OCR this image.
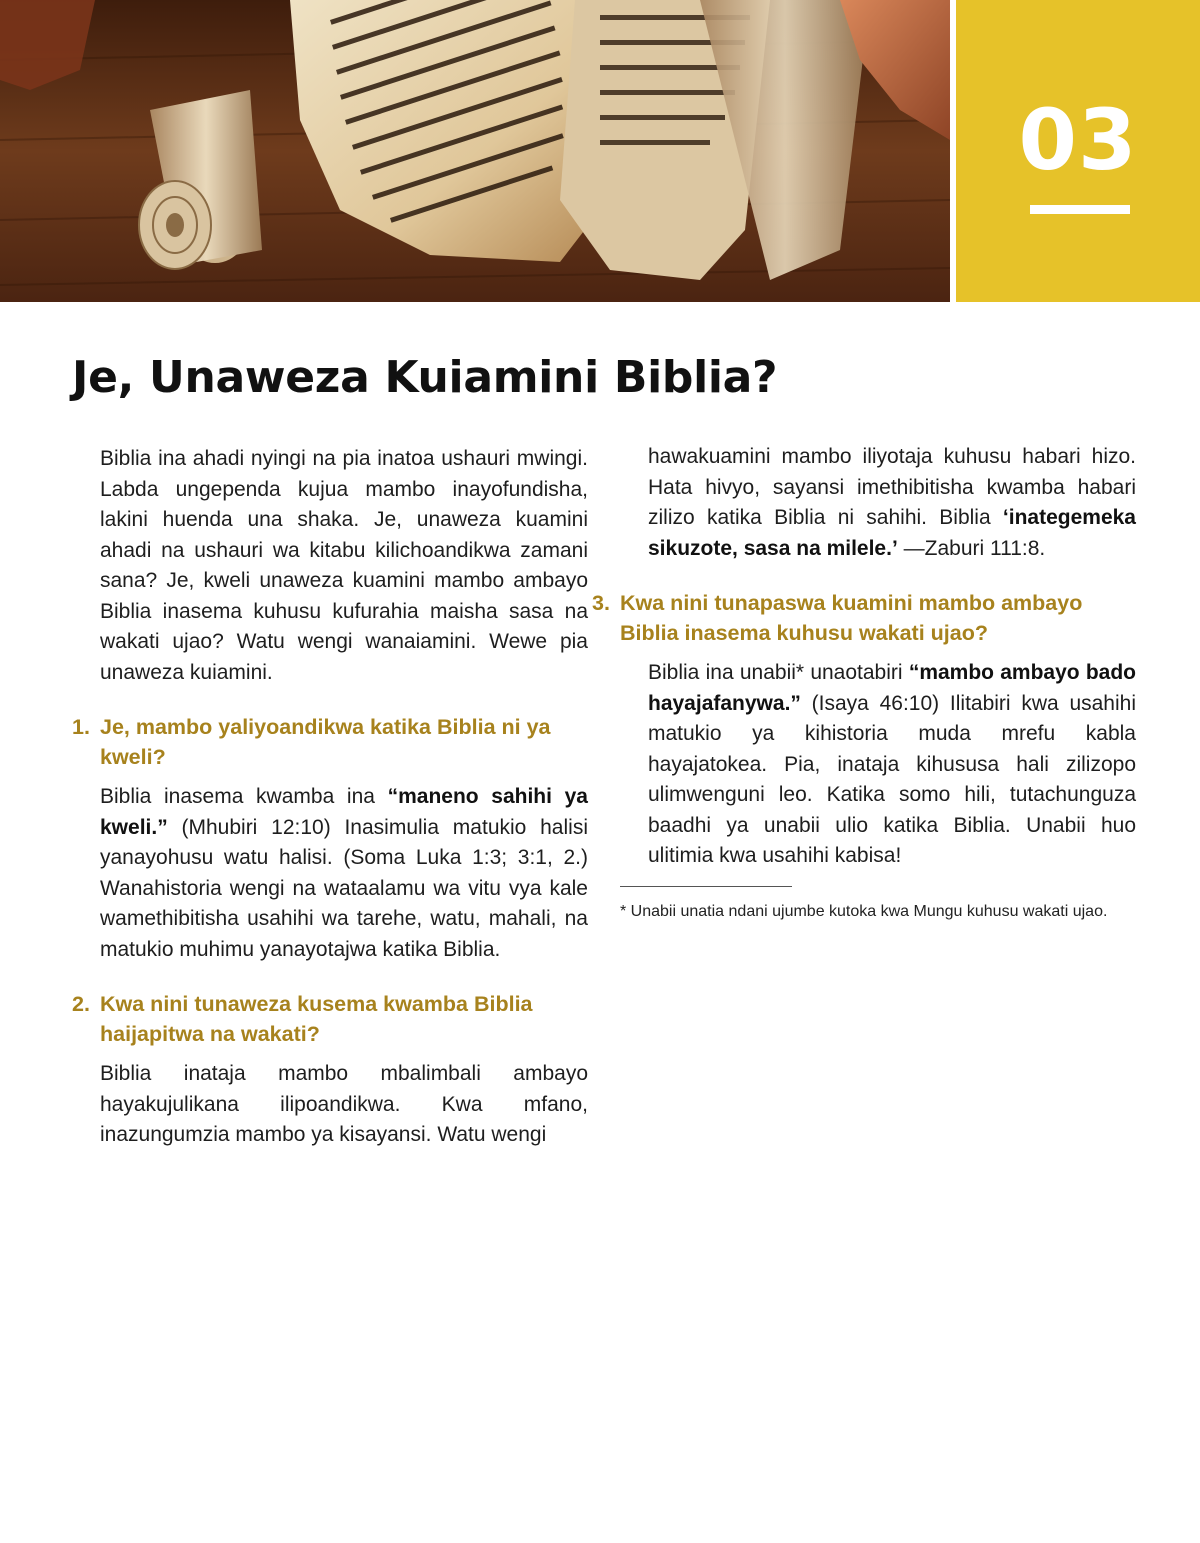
03
Je, Unaweza Kuiamini Biblia?

Biblia ina ahadi nyingi na pia inatoa ushauri mwingi. Labda ungependa kujua mambo inayofundisha, lakini huenda una shaka. Je, unaweza kuamini ahadi na ushauri wa kitabu kilichoandikwa zamani sana? Je, kweli unaweza kuamini mambo ambayo Biblia inasema kuhusu kufurahia maisha sasa na wakati ujao? Watu wengi wanaiamini. Wewe pia unaweza kuiamini.

1. Je, mambo yaliyoandikwa katika Biblia ni ya kweli?

Biblia inasema kwamba ina “maneno sahihi ya kweli.” (Mhubiri 12:10) Inasimulia matukio halisi yanayohusu watu halisi. (Soma Luka 1:3; 3:1, 2.) Wanahistoria wengi na wataalamu wa vitu vya kale wamethibitisha usahihi wa tarehe, watu, mahali, na matukio muhimu yanayotajwa katika Biblia.

2. Kwa nini tunaweza kusema kwamba Biblia haijapitwa na wakati?

Biblia inataja mambo mbalimbali ambayo hayakujulikana ilipoandikwa. Kwa mfano, inazungumzia mambo ya kisayansi. Watu wengi

hawakuamini mambo iliyotaja kuhusu habari hizo. Hata hivyo, sayansi imethibitisha kwamba habari zilizo katika Biblia ni sahihi. Biblia ‘inategemeka sikuzote, sasa na milele.’ —Zaburi 111:8.

3. Kwa nini tunapaswa kuamini mambo ambayo Biblia inasema kuhusu wakati ujao?

Biblia ina unabii* unaotabiri “mambo ambayo bado hayajafanywa.” (Isaya 46:10) Ilitabiri kwa usahihi matukio ya kihistoria muda mrefu kabla hayajatokea. Pia, inataja kihususa hali zilizopo ulimwenguni leo. Katika somo hili, tutachunguza baadhi ya unabii ulio katika Biblia. Unabii huo ulitimia kwa usahihi kabisa!

* Unabii unatia ndani ujumbe kutoka kwa Mungu kuhusu wakati ujao.
